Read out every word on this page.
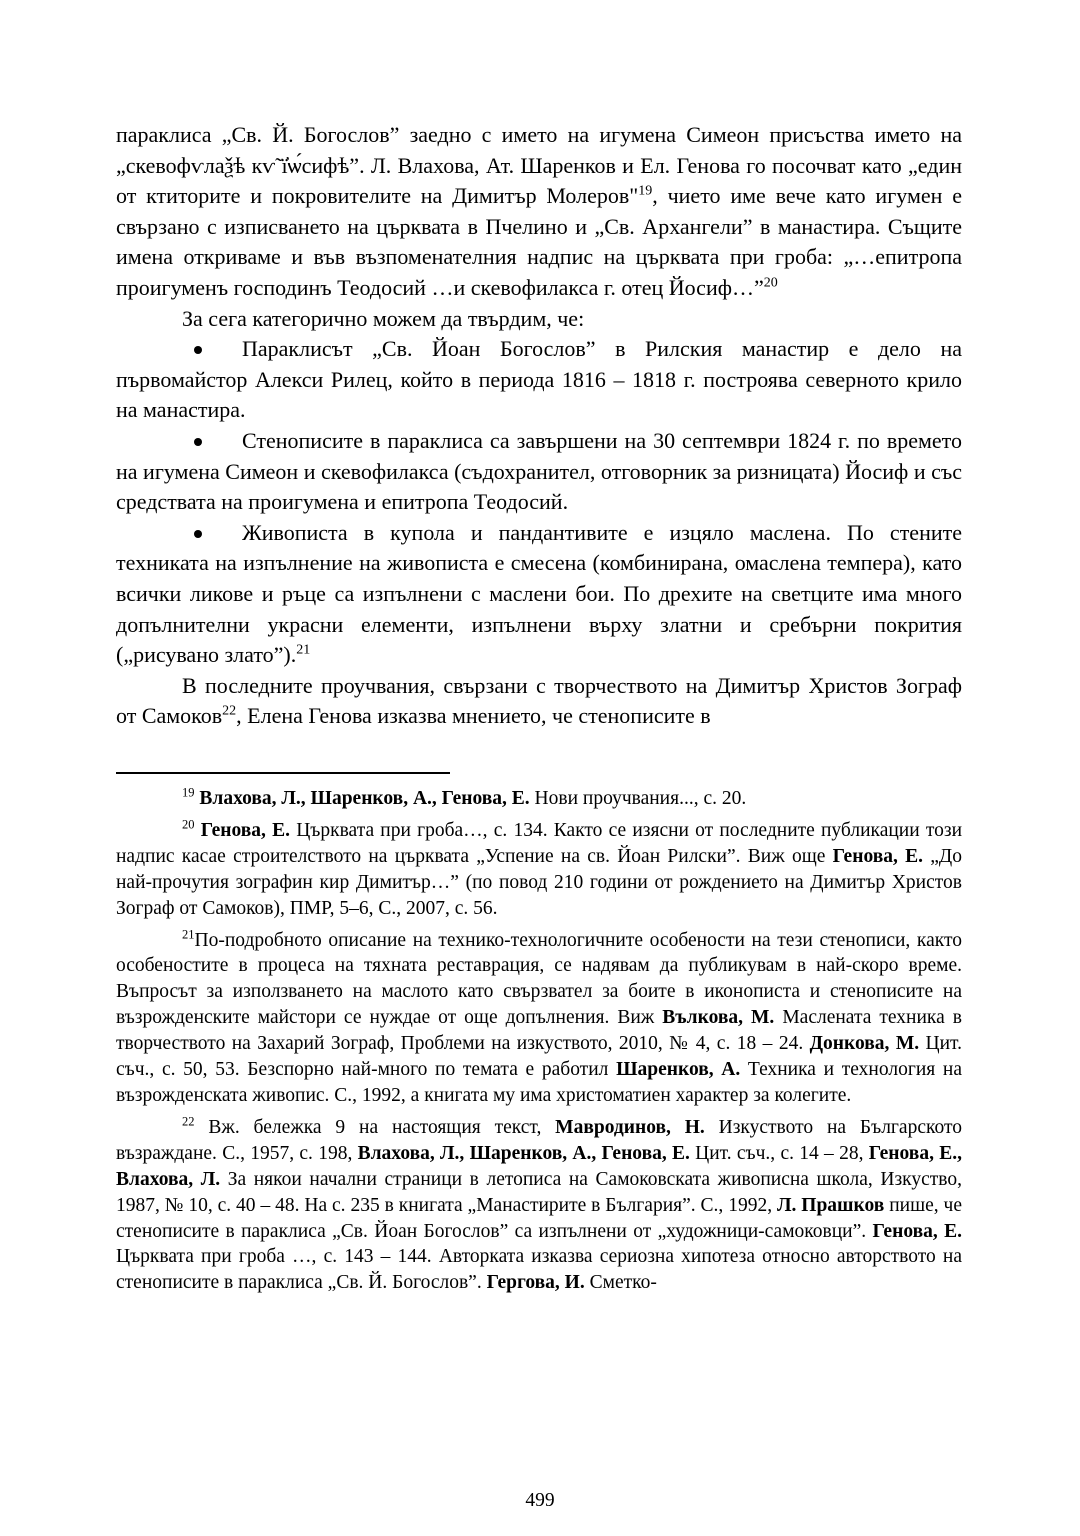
параклиса „Св. Й. Богослов” заедно с името на игумена Симеон присъства името на „скевофѵлаѯѣ кѵ̃ ї҆ѡ́сифѣ”. Л. Влахова, Ат. Шаренков и Ел. Генова го посочват като „един от ктиторите и покровителите на Димитър Молеров"$^{19}$, чието име вече като игумен е свързано с изписването на църквата в Пчелино и „Св. Архангели” в манастира. Същите имена откриваме и във възпоменателния надпис на църквата при гроба: „…епитропа проигуменъ господинъ Теодосий …и скевофилакса г. отец Йосиф…”$^{20}$

За сега категорично можем да твърдим, че:

Параклисът „Св. Йоан Богослов” в Рилския манастир е дело на първомайстор Алекси Рилец, който в периода 1816 – 1818 г. построява северното крило на манастира.

Стенописите в параклиса са завършени на 30 септември 1824 г. по времето на игумена Симеон и скевофилакса (съдохранител, отговорник за ризницата) Йосиф и със средствата на проигумена и епитропа Теодосий.

Живописта в купола и пандантивите е изцяло маслена. По стените техниката на изпълнение на живописта е смесена (комбинирана, омаслена темпера), като всички ликове и ръце са изпълнени с маслени бои. По дрехите на светците има много допълнителни украсни елементи, изпълнени върху златни и сребърни покрития („рисувано злато”).$^{21}$

В последните проучвания, свързани с творчеството на Димитър Христов Зограф от Самоков$^{22}$, Елена Генова изказва мнението, че стенописите в

$^{19}$ Влахова, Л., Шаренков, А., Генова, Е. Нови проучвания..., с. 20.

$^{20}$ Генова, Е. Църквата при гроба…, с. 134. Както се изясни от последните публикации този надпис касае строителството на църквата „Успение на св. Йоан Рилски”. Виж още Генова, Е. „До най-прочутия зографин кир Димитър…” (по повод 210 години от рождението на Димитър Христов Зограф от Самоков), ПМР, 5–6, С., 2007, с. 56.

$^{21}$По-подробното описание на технико-технологичните особености на тези стенописи, както особеностите в процеса на тяхната реставрация, се надявам да публикувам в най-скоро време. Въпросът за използването на маслото като свързвател за боите в иконописта и стенописите на възрожденските майстори се нуждае от още допълнения. Виж Вълкова, М. Маслената техника в творчеството на Захарий Зограф, Проблеми на изкуството, 2010, № 4, с. 18 – 24. Донкова, М. Цит. съч., с. 50, 53. Безспорно най-много по темата е работил Шаренков, А. Техника и технология на възрожденската живопис. С., 1992, а книгата му има христоматиен характер за колегите.

$^{22}$ Вж. бележка 9 на настоящия текст, Мавродинов, Н. Изкуството на Българското възраждане. С., 1957, с. 198, Влахова, Л., Шаренков, А., Генова, Е. Цит. съч., с. 14 – 28, Генова, Е., Влахова, Л. За някои начални страници в летописа на Самоковската живописна школа, Изкуство, 1987, № 10, с. 40 – 48. На с. 235 в книгата „Манастирите в България”. С., 1992, Л. Прашков пише, че стенописите в параклиса „Св. Йоан Богослов” са изпълнени от „художници-самоковци”. Генова, Е. Църквата при гроба …, с. 143 – 144. Авторката изказва сериозна хипотеза относно авторството на стенописите в параклиса „Св. Й. Богослов”. Гергова, И. Сметко-

499
